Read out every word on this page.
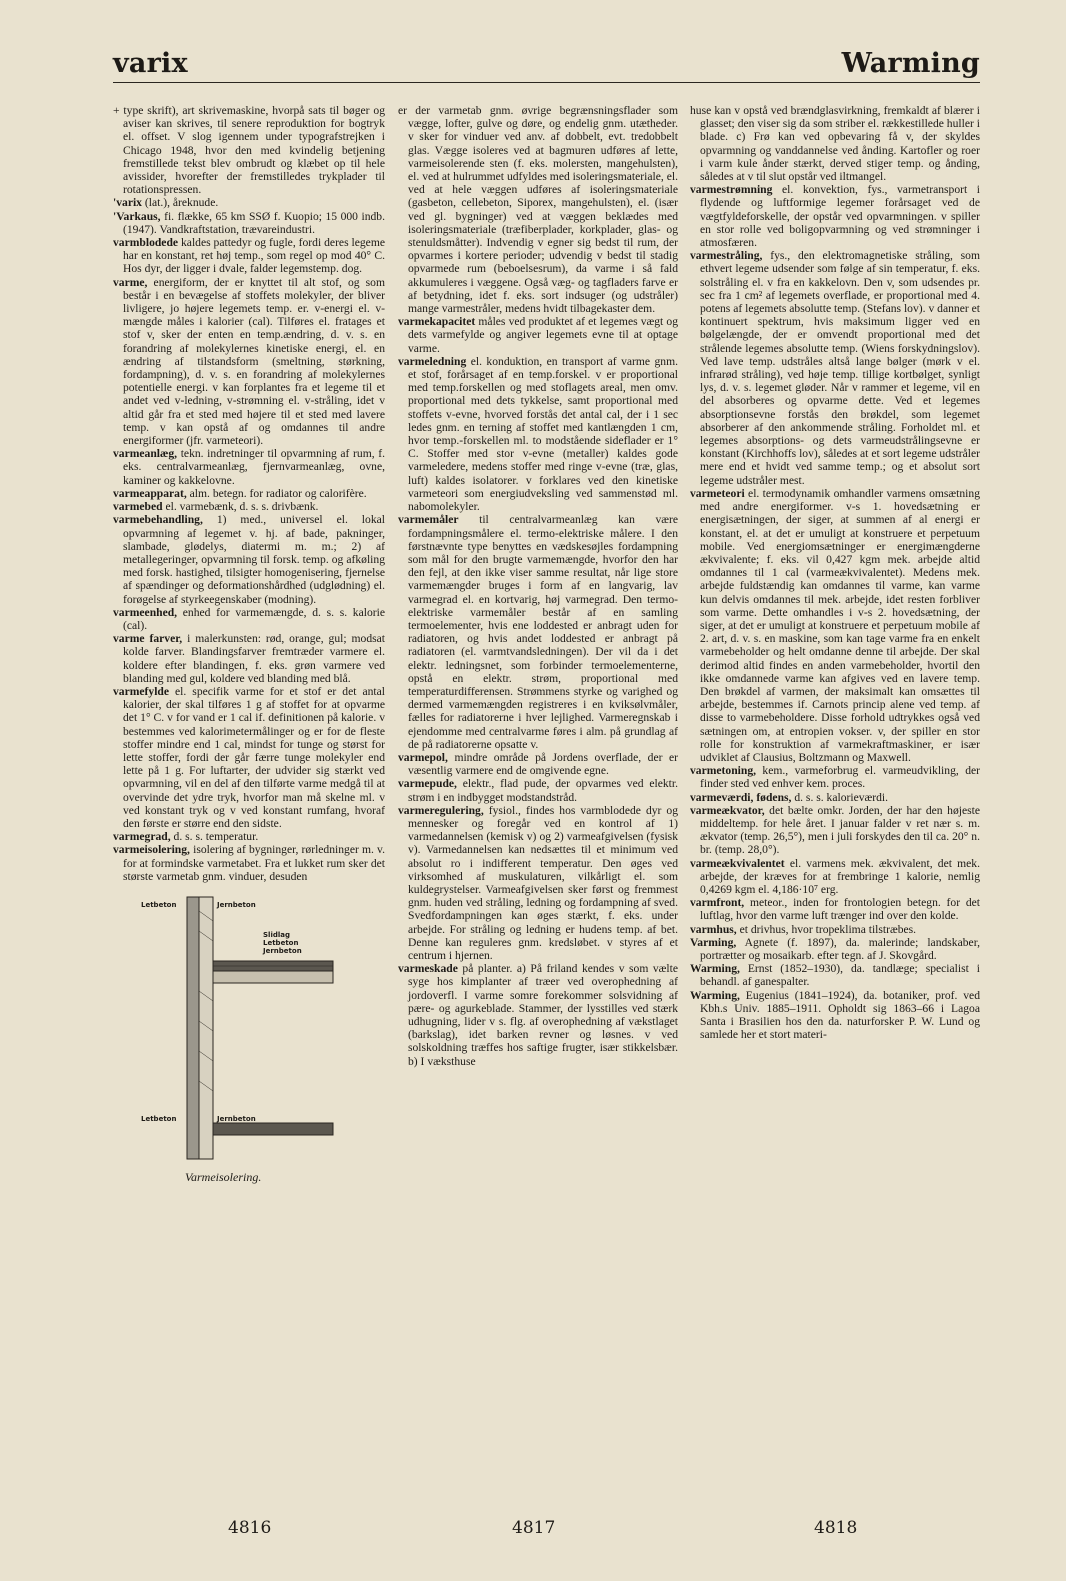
varix	Warming

+ type skrift), art skrivemaskine, hvorpå sats til bøger og aviser kan skrives, til senere reproduktion for bogtryk el. offset. V slog igennem under typografstrejken i Chicago 1948, hvor den med kvindelig betjening fremstillede tekst blev ombrudt og klæbet op til hele avissider, hvorefter der fremstilledes trykplader til rotationspressen.

'varix (lat.), åreknude.

'Varkaus, fi. flække, 65 km SSØ f. Kuopio; 15 000 indb. (1947). Vandkraftstation, trævareindustri.

varmblodede kaldes pattedyr og fugle, fordi deres legeme har en konstant, ret høj temp., som regel op mod 40° C. Hos dyr, der ligger i dvale, falder legemstemp. dog.

varme, energiform, der er knyttet til alt stof, og som består i en bevægelse af stoffets molekyler, der bliver livligere, jo højere legemets temp. er. v-energi el. v-mængde måles i kalorier (cal). Tilføres el. fratages et stof v, sker der enten en temp.ændring, d. v. s. en forandring af molekylernes kinetiske energi, el. en ændring af tilstandsform (smeltning, størkning, fordampning), d. v. s. en forandring af molekylernes potentielle energi. v kan forplantes fra et legeme til et andet ved v-ledning, v-strømning el. v-stråling, idet v altid går fra et sted med højere til et sted med lavere temp. v kan opstå af og omdannes til andre energiformer (jfr. varmeteori).

varmeanlæg, tekn. indretninger til opvarmning af rum, f. eks. centralvarmeanlæg, fjernvarmeanlæg, ovne, kaminer og kakkelovne.

varmeapparat, alm. betegn. for radiator og calorifère.

varmebed el. varmebænk, d. s. s. drivbænk.

varmebehandling, 1) med., universel el. lokal opvarmning af legemet v. hj. af bade, pakninger, slambade, glødelys, diatermi m. m.; 2) af metallegeringer, opvarmning til forsk. temp. og afkøling med forsk. hastighed, tilsigter homogenisering, fjernelse af spændinger og deformationshårdhed (udglødning) el. forøgelse af styrkeegenskaber (modning).

varmeenhed, enhed for varmemængde, d. s. s. kalorie (cal).

varme farver, i malerkunsten: rød, orange, gul; modsat kolde farver. Blandingsfarver fremtræder varmere el. koldere efter blandingen, f. eks. grøn varmere ved blanding med gul, koldere ved blanding med blå.

varmefylde el. specifik varme for et stof er det antal kalorier, der skal tilføres 1 g af stoffet for at opvarme det 1° C. v for vand er 1 cal if. definitionen på kalorie. v bestemmes ved kalorimetermålinger og er for de fleste stoffer mindre end 1 cal, mindst for tunge og størst for lette stoffer, fordi der går færre tunge molekyler end lette på 1 g. For luftarter, der udvider sig stærkt ved opvarmning, vil en del af den tilførte varme medgå til at overvinde det ydre tryk, hvorfor man må skelne ml. v ved konstant tryk og v ved konstant rumfang, hvoraf den første er større end den sidste.

varmegrad, d. s. s. temperatur.

varmeisolering, isolering af bygninger, rørledninger m. v. for at formindske varmetabet. Fra et lukket rum sker det største varmetab gnm. vinduer, desuden

Letbeton	Jernbeton
Slidlag
Letbeton
Jernbeton
Letbeton	Jernbeton
Varmeisolering.

er der varmetab gnm. øvrige begrænsningsflader som vægge, lofter, gulve og døre, og endelig gnm. utætheder. v sker for vinduer ved anv. af dobbelt, evt. tredobbelt glas. Vægge isoleres ved at bagmuren udføres af lette, varmeisolerende sten (f. eks. molersten, mangehulsten), el. ved at hulrummet udfyldes med isoleringsmateriale, el. ved at hele væggen udføres af isoleringsmateriale (gasbeton, cellebeton, Siporex, mangehulsten), el. (især ved gl. bygninger) ved at væggen beklædes med isoleringsmateriale (træfiberplader, korkplader, glas- og stenuldsmåtter). Indvendig v egner sig bedst til rum, der opvarmes i kortere perioder; udvendig v bedst til stadig opvarmede rum (beboelsesrum), da varme i så fald akkumuleres i væggene. Også væg- og tagfladers farve er af betydning, idet f. eks. sort indsuger (og udstråler) mange varmestråler, medens hvidt tilbagekaster dem.

varmekapacitet måles ved produktet af et legemes vægt og dets varmefylde og angiver legemets evne til at optage varme.

varmeledning el. konduktion, en transport af varme gnm. et stof, forårsaget af en temp.forskel. v er proportional med temp.forskellen og med stoflagets areal, men omv. proportional med dets tykkelse, samt proportional med stoffets v-evne, hvorved forstås det antal cal, der i 1 sec ledes gnm. en terning af stoffet med kantlængden 1 cm, hvor temp.-forskellen ml. to modstående sideflader er 1° C. Stoffer med stor v-evne (metaller) kaldes gode varmeledere, medens stoffer med ringe v-evne (træ, glas, luft) kaldes isolatorer. v forklares ved den kinetiske varmeteori som energiudveksling ved sammenstød ml. nabomolekyler.

varmemåler til centralvarmeanlæg kan være fordampningsmålere el. termo-elektriske målere. I den førstnævnte type benyttes en vædskesøjles fordampning som mål for den brugte varmemængde, hvorfor den har den fejl, at den ikke viser samme resultat, når lige store varmemængder bruges i form af en langvarig, lav varmegrad el. en kortvarig, høj varmegrad. Den termo-elektriske varmemåler består af en samling termoelementer, hvis ene loddested er anbragt uden for radiatoren, og hvis andet loddested er anbragt på radiatoren (el. varmtvandsledningen). Der vil da i det elektr. ledningsnet, som forbinder termoelementerne, opstå en elektr. strøm, proportional med temperaturdifferensen. Strømmens styrke og varighed og dermed varmemængden registreres i en kviksølvmåler, fælles for radiatorerne i hver lejlighed. Varmeregnskab i ejendomme med centralvarme føres i alm. på grundlag af de på radiatorerne opsatte v.

varmepol, mindre område på Jordens overflade, der er væsentlig varmere end de omgivende egne.

varmepude, elektr., flad pude, der opvarmes ved elektr. strøm i en indbygget modstandstråd.

varmeregulering, fysiol., findes hos varmblodede dyr og mennesker og foregår ved en kontrol af 1) varmedannelsen (kemisk v) og 2) varmeafgivelsen (fysisk v). Varmedannelsen kan nedsættes til et minimum ved absolut ro i indifferent temperatur. Den øges ved virksomhed af muskulaturen, vilkårligt el. som kuldegrystelser. Varmeafgivelsen sker først og fremmest gnm. huden ved stråling, ledning og fordampning af sved. Svedfordampningen kan øges stærkt, f. eks. under arbejde. For stråling og ledning er hudens temp. af bet. Denne kan reguleres gnm. kredsløbet. v styres af et centrum i hjernen.

varmeskade på planter. a) På friland kendes v som vælte syge hos kimplanter af træer ved overophedning af jordoverfl. I varme somre forekommer solsvidning af pære- og agurkeblade. Stammer, der lysstilles ved stærk udhugning, lider v s. flg. af overophedning af vækstlaget (barkslag), idet barken revner og løsnes. v ved solskoldning træffes hos saftige frugter, især stikkelsbær. b) I væksthuse

huse kan v opstå ved brændglasvirkning, fremkaldt af blærer i glasset; den viser sig da som striber el. rækkestillede huller i blade. c) Frø kan ved opbevaring få v, der skyldes opvarmning og vanddannelse ved ånding. Kartofler og roer i varm kule ånder stærkt, derved stiger temp. og ånding, således at v til slut opstår ved iltmangel.

varmestrømning el. konvektion, fys., varmetransport i flydende og luftformige legemer forårsaget ved de vægtfyldeforskelle, der opstår ved opvarmningen. v spiller en stor rolle ved boligopvarmning og ved strømninger i atmosfæren.

varmestråling, fys., den elektromagnetiske stråling, som ethvert legeme udsender som følge af sin temperatur, f. eks. solstråling el. v fra en kakkelovn. Den v, som udsendes pr. sec fra 1 cm² af legemets overflade, er proportional med 4. potens af legemets absolutte temp. (Stefans lov). v danner et kontinuert spektrum, hvis maksimum ligger ved en bølgelængde, der er omvendt proportional med det strålende legemes absolutte temp. (Wiens forskydningslov). Ved lave temp. udstråles altså lange bølger (mørk v el. infrarød stråling), ved høje temp. tillige kortbølget, synligt lys, d. v. s. legemet gløder. Når v rammer et legeme, vil en del absorberes og opvarme dette. Ved et legemes absorptionsevne forstås den brøkdel, som legemet absorberer af den ankommende stråling. Forholdet ml. et legemes absorptions- og dets varmeudstrålingsevne er konstant (Kirchhoffs lov), således at et sort legeme udstråler mere end et hvidt ved samme temp.; og et absolut sort legeme udstråler mest.

varmeteori el. termodynamik omhandler varmens omsætning med andre energiformer. v-s 1. hovedsætning er energisætningen, der siger, at summen af al energi er konstant, el. at det er umuligt at konstruere et perpetuum mobile. Ved energiomsætninger er energimængderne ækvivalente; f. eks. vil 0,427 kgm mek. arbejde altid omdannes til 1 cal (varmeækvivalentet). Medens mek. arbejde fuldstændig kan omdannes til varme, kan varme kun delvis omdannes til mek. arbejde, idet resten forbliver som varme. Dette omhandles i v-s 2. hovedsætning, der siger, at det er umuligt at konstruere et perpetuum mobile af 2. art, d. v. s. en maskine, som kan tage varme fra en enkelt varmebeholder og helt omdanne denne til arbejde. Der skal derimod altid findes en anden varmebeholder, hvortil den ikke omdannede varme kan afgives ved en lavere temp. Den brøkdel af varmen, der maksimalt kan omsættes til arbejde, bestemmes if. Carnots princip alene ved temp. af disse to varmebeholdere. Disse forhold udtrykkes også ved sætningen om, at entropien vokser. v, der spiller en stor rolle for konstruktion af varmekraftmaskiner, er især udviklet af Clausius, Boltzmann og Maxwell.

varmetoning, kem., varmeforbrug el. varmeudvikling, der finder sted ved enhver kem. proces.

varmeværdi, fødens, d. s. s. kalorieværdi.

varmeækvator, det bælte omkr. Jorden, der har den højeste middeltemp. for hele året. I januar falder v ret nær s. m. ækvator (temp. 26,5°), men i juli forskydes den til ca. 20° n. br. (temp. 28,0°).

varmeækvivalentet el. varmens mek. ækvivalent, det mek. arbejde, der kræves for at frembringe 1 kalorie, nemlig 0,4269 kgm el. 4,186·10⁷ erg.

varmfront, meteor., inden for frontologien betegn. for det luftlag, hvor den varme luft trænger ind over den kolde.

varmhus, et drivhus, hvor tropeklima tilstræbes.

Varming, Agnete (f. 1897), da. malerinde; landskaber, portrætter og mosaikarb. efter tegn. af J. Skovgård.

Warming, Ernst (1852–1930), da. tandlæge; specialist i behandl. af ganespalter.

Warming, Eugenius (1841–1924), da. botaniker, prof. ved Kbh.s Univ. 1885–1911. Opholdt sig 1863–66 i Lagoa Santa i Brasilien hos den da. naturforsker P. W. Lund og samlede her et stort materi-

4816	4817	4818
